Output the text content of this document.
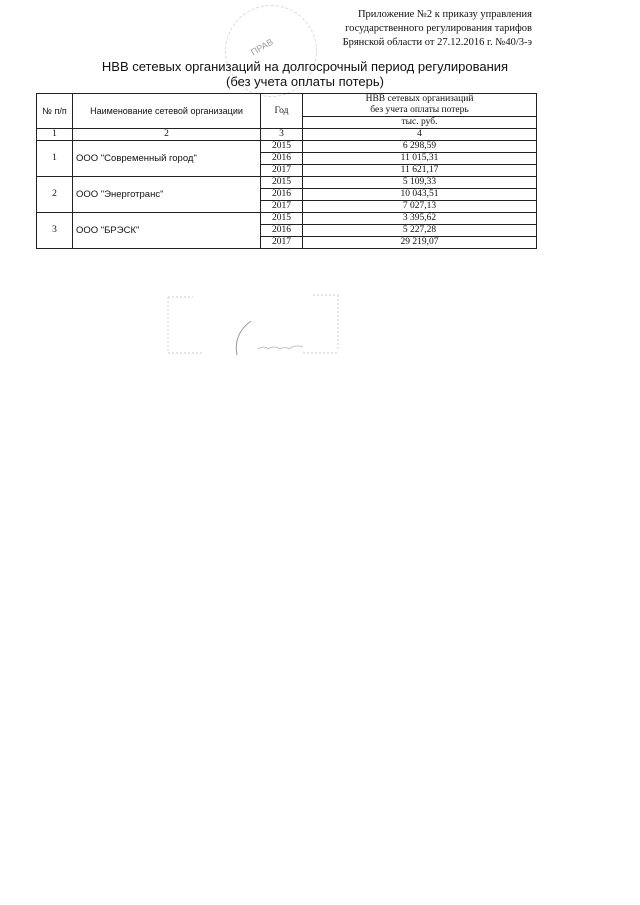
ПРАВ
Приложение №2 к приказу управления
государственного регулирования тарифов
Брянской области от 27.12.2016 г. №40/3-э
НВВ сетевых организаций на долгосрочный период регулирования
(без учета оплаты потерь)
№ п/п	Наименование сетевой организации	Год	НВВ сетевых организаций
			без учета оплаты потерь
			тыс. руб.
1	2	3	4
1	ООО "Современный город"	2015	6 298,59
		2016	11 015,31
		2017	11 621,17
2	ООО "Энерготранс"	2015	5 109,33
		2016	10 043,51
		2017	7 027,13
3	ООО "БРЭСК"	2015	3 395,62
		2016	5 227,28
		2017	29 219,07
